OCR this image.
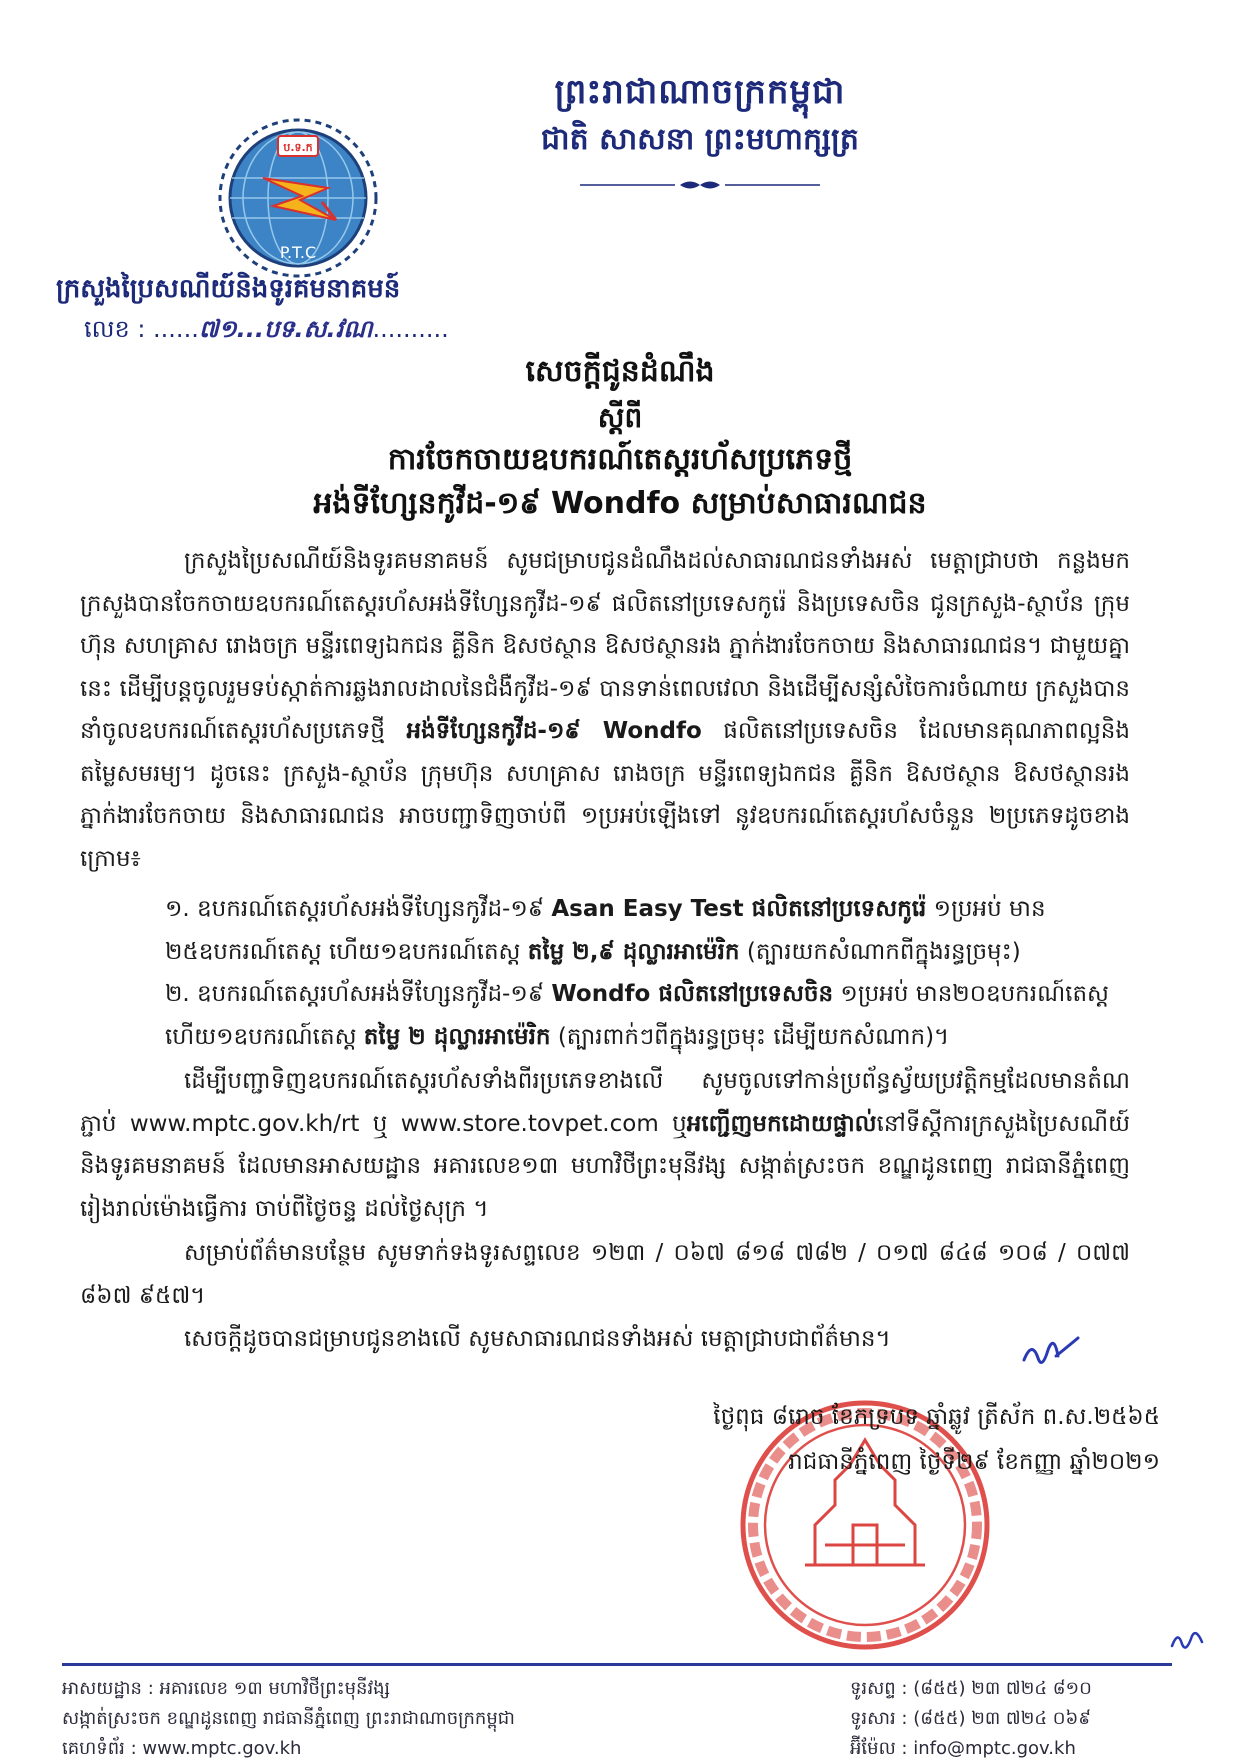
ប.ទ.ក
P.T.C
ព្រះរាជាណាចក្រកម្ពុជា
ជាតិ សាសនា ព្រះមហាក្សត្រ
ក្រសួងប្រៃសណីយ៍និងទូរគមនាគមន៍
លេខ : ......៧១...បទ.ស.វណ..........
សេចក្តីជូនដំណឹង
ស្តីពី
ការចែកចាយឧបករណ៍តេស្តរហ័សប្រភេទថ្មី
អង់ទីហ្សែនកូវីដ-១៩ Wondfo សម្រាប់សាធារណជន
ក្រសួងប្រៃសណីយ៍និងទូរគមនាគមន៍ សូមជម្រាបជូនដំណឹងដល់សាធារណជនទាំងអស់ មេត្តាជ្រាបថា កន្លងមក ក្រសួងបានចែកចាយឧបករណ៍តេស្តរហ័សអង់ទីហ្សែនកូវីដ-១៩ ផលិតនៅប្រទេសកូរ៉េ និងប្រទេសចិន ជូនក្រសួង-ស្ថាប័ន ក្រុមហ៊ុន សហគ្រាស រោងចក្រ មន្ទីរពេទ្យឯកជន គ្លីនិក ឱសថស្ថាន ឱសថស្ថានរង ភ្នាក់ងារចែកចាយ និងសាធារណជន។ ជាមួយគ្នានេះ ដើម្បីបន្តចូលរួមទប់ស្កាត់ការឆ្លងរាលដាលនៃជំងឺកូវីដ-១៩ បានទាន់ពេលវេលា និងដើម្បីសន្សំសំចៃការចំណាយ ក្រសួងបាននាំចូលឧបករណ៍តេស្តរហ័សប្រភេទថ្មី អង់ទីហ្សែនកូវីដ-១៩ Wondfo ផលិតនៅប្រទេសចិន ដែលមានគុណភាពល្អនិងតម្លៃសមរម្យ។ ដូចនេះ ក្រសួង-ស្ថាប័ន ក្រុមហ៊ុន សហគ្រាស រោងចក្រ មន្ទីរពេទ្យឯកជន គ្លីនិក ឱសថស្ថាន ឱសថស្ថានរង ភ្នាក់ងារចែកចាយ និងសាធារណជន អាចបញ្ជាទិញចាប់ពី ១ប្រអប់ឡើងទៅ នូវឧបករណ៍តេស្តរហ័សចំនួន ២ប្រភេទដូចខាងក្រោម៖
១. ឧបករណ៍តេស្តរហ័សអង់ទីហ្សែនកូវីដ-១៩ Asan Easy Test ផលិតនៅប្រទេសកូរ៉េ ១ប្រអប់ មាន ២៥ឧបករណ៍តេស្ត ហើយ១ឧបករណ៍តេស្ត តម្លៃ ២,៩ ដុល្លារអាម៉េរិក (ត្បារយកសំណាកពីក្នុងរន្ធច្រមុះ)
២. ឧបករណ៍តេស្តរហ័សអង់ទីហ្សែនកូវីដ-១៩ Wondfo ផលិតនៅប្រទេសចិន ១ប្រអប់ មាន២០ឧបករណ៍តេស្ត ហើយ១ឧបករណ៍តេស្ត តម្លៃ ២ ដុល្លារអាម៉េរិក (ត្បារពាក់ៗពីក្នុងរន្ធច្រមុះ ដើម្បីយកសំណាក)។
ដើម្បីបញ្ជាទិញឧបករណ៍តេស្តរហ័សទាំងពីរប្រភេទខាងលើ សូមចូលទៅកាន់ប្រព័ន្ធស្វ័យប្រវត្តិកម្មដែលមានតំណភ្ជាប់ www.mptc.gov.kh/rt ឬ www.store.tovpet.com ឬអញ្ជើញមកដោយផ្ទាល់នៅទីស្តីការក្រសួងប្រៃសណីយ៍និងទូរគមនាគមន៍ ដែលមានអាសយដ្ឋាន អគារលេខ១៣ មហាវិថីព្រះមុនីវង្ស សង្កាត់ស្រះចក ខណ្ឌដូនពេញ រាជធានីភ្នំពេញ រៀងរាល់ម៉ោងធ្វើការ ចាប់ពីថ្ងៃចន្ទ ដល់ថ្ងៃសុក្រ ។
សម្រាប់ព័ត៌មានបន្ថែម សូមទាក់ទងទូរសព្ទលេខ ១២៣ / ០៦៧ ៨១៨ ៧៨២ / ០១៧ ៨៤៨ ១០៨ / ០៧៧ ៨៦៧ ៩៥៧។
សេចក្តីដូចបានជម្រាបជូនខាងលើ សូមសាធារណជនទាំងអស់ មេត្តាជ្រាបជាព័ត៌មាន។
ថ្ងៃពុធ ៨រោច ខែភទ្របទ ឆ្នាំឆ្លូវ ត្រីស័ក ព.ស.២៥៦៥
រាជធានីភ្នំពេញ ថ្ងៃទី២៩ ខែកញ្ញា ឆ្នាំ២០២១
អាសយដ្ឋាន : អគារលេខ ១៣ មហាវិថីព្រះមុនីវង្ស
សង្កាត់ស្រះចក ខណ្ឌដូនពេញ រាជធានីភ្នំពេញ ព្រះរាជាណាចក្រកម្ពុជា
គេហទំព័រ : www.mptc.gov.kh
ទូរសព្ទ : (៨៥៥) ២៣ ៧២៤ ៨១០
ទូរសារ : (៨៥៥) ២៣ ៧២៤ ០៦៩
អ៊ីម៉ែល : info@mptc.gov.kh
